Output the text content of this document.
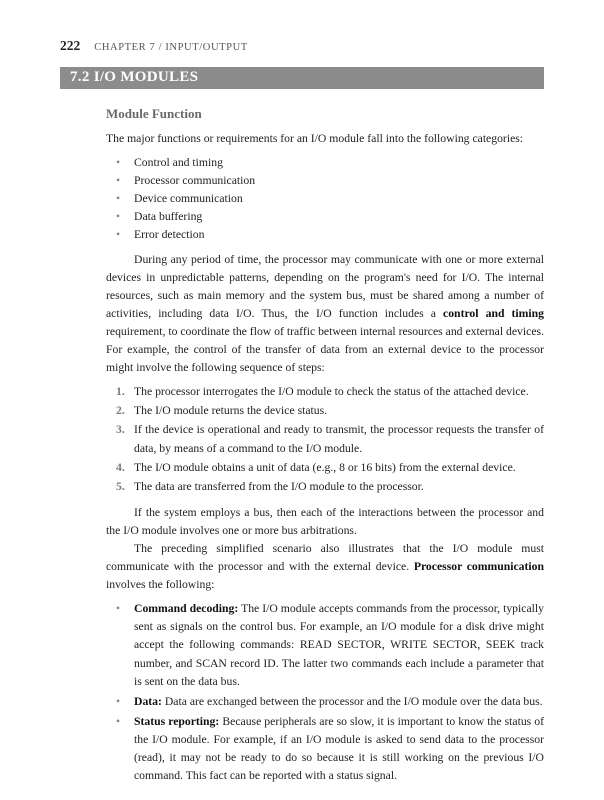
222 CHAPTER 7 / INPUT/OUTPUT
7.2 I/O MODULES
Module Function

The major functions or requirements for an I/O module fall into the following categories:

• Control and timing
• Processor communication
• Device communication
• Data buffering
• Error detection

During any period of time, the processor may communicate with one or more external devices in unpredictable patterns, depending on the program's need for I/O. The internal resources, such as main memory and the system bus, must be shared among a number of activities, including data I/O. Thus, the I/O function includes a control and timing requirement, to coordinate the flow of traffic between internal resources and external devices. For example, the control of the transfer of data from an external device to the processor might involve the following sequence of steps:

1. The processor interrogates the I/O module to check the status of the attached device.
2. The I/O module returns the device status.
3. If the device is operational and ready to transmit, the processor requests the transfer of data, by means of a command to the I/O module.
4. The I/O module obtains a unit of data (e.g., 8 or 16 bits) from the external device.
5. The data are transferred from the I/O module to the processor.

If the system employs a bus, then each of the interactions between the processor and the I/O module involves one or more bus arbitrations.

The preceding simplified scenario also illustrates that the I/O module must communicate with the processor and with the external device. Processor communication involves the following:

• Command decoding: The I/O module accepts commands from the processor, typically sent as signals on the control bus. For example, an I/O module for a disk drive might accept the following commands: READ SECTOR, WRITE SECTOR, SEEK track number, and SCAN record ID. The latter two commands each include a parameter that is sent on the data bus.
• Data: Data are exchanged between the processor and the I/O module over the data bus.
• Status reporting: Because peripherals are so slow, it is important to know the status of the I/O module. For example, if an I/O module is asked to send data to the processor (read), it may not be ready to do so because it is still working on the previous I/O command. This fact can be reported with a status signal.
